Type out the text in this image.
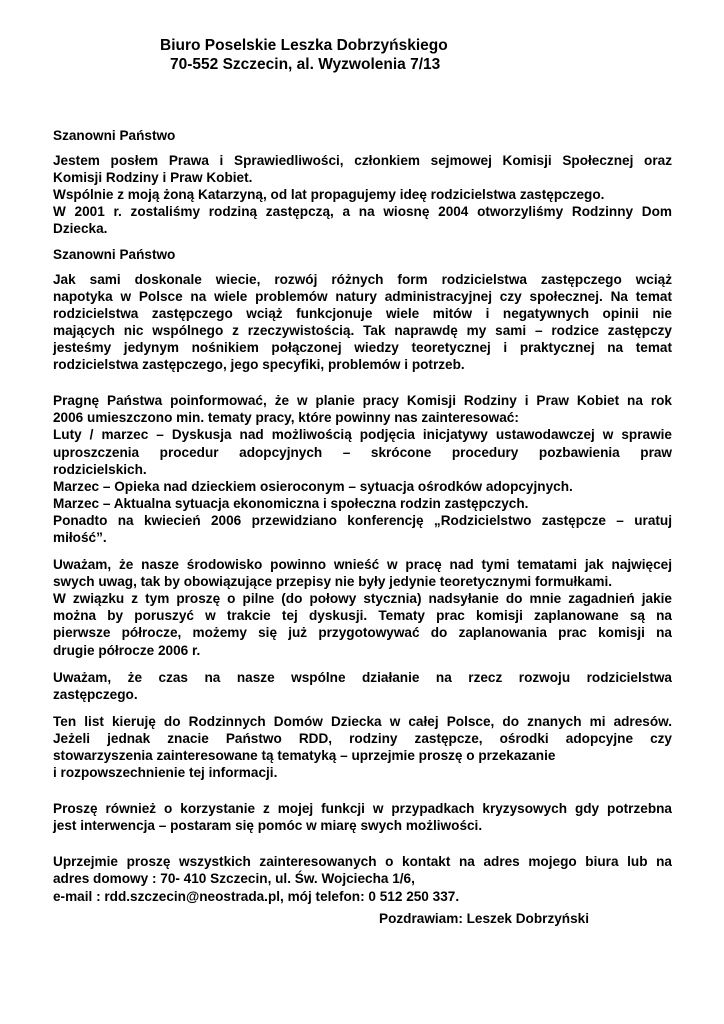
Biuro Poselskie Leszka Dobrzyńskiego
70-552 Szczecin, al. Wyzwolenia 7/13

Szanowni Państwo

Jestem posłem Prawa i Sprawiedliwości, członkiem sejmowej Komisji Społecznej oraz
Komisji Rodziny i Praw Kobiet.
Wspólnie z moją żoną Katarzyną, od lat propagujemy ideę rodzicielstwa zastępczego.
W 2001 r. zostaliśmy rodziną zastępczą, a na wiosnę 2004 otworzyliśmy Rodzinny Dom
Dziecka.

Szanowni Państwo

Jak sami doskonale wiecie, rozwój różnych form rodzicielstwa zastępczego wciąż
napotyka w Polsce na wiele problemów natury administracyjnej czy społecznej. Na temat
rodzicielstwa zastępczego wciąż funkcjonuje wiele mitów i negatywnych opinii nie
mających nic wspólnego z rzeczywistością. Tak naprawdę my sami – rodzice zastępczy
jesteśmy jedynym nośnikiem połączonej wiedzy teoretycznej i praktycznej na temat
rodzicielstwa zastępczego, jego specyfiki, problemów i potrzeb.

Pragnę Państwa poinformować, że w planie pracy Komisji Rodziny i Praw Kobiet na rok
2006 umieszczono min. tematy pracy, które powinny nas zainteresować:
Luty / marzec – Dyskusja nad możliwością podjęcia inicjatywy ustawodawczej w sprawie
uproszczenia procedur adopcyjnych – skrócone procedury pozbawienia praw
rodzicielskich.
Marzec – Opieka nad dzieckiem osieroconym – sytuacja ośrodków adopcyjnych.
Marzec – Aktualna sytuacja ekonomiczna i społeczna rodzin zastępczych.
Ponadto na kwiecień 2006 przewidziano konferencję „Rodzicielstwo zastępcze – uratuj
miłość”.

Uważam, że nasze środowisko powinno wnieść w pracę nad tymi tematami jak najwięcej
swych uwag, tak by obowiązujące przepisy nie były jedynie teoretycznymi formułkami.
W związku z tym proszę o pilne (do połowy stycznia) nadsyłanie do mnie zagadnień jakie
można by poruszyć w trakcie tej dyskusji. Tematy prac komisji zaplanowane są na
pierwsze półrocze, możemy się już przygotowywać do zaplanowania prac komisji na
drugie półrocze 2006 r.

Uważam, że czas na nasze wspólne działanie na rzecz rozwoju rodzicielstwa
zastępczego.

Ten list kieruję do Rodzinnych Domów Dziecka w całej Polsce, do znanych mi adresów.
Jeżeli jednak znacie Państwo RDD, rodziny zastępcze, ośrodki adopcyjne czy
stowarzyszenia zainteresowane tą tematyką – uprzejmie proszę o przekazanie
i rozpowszechnienie tej informacji.

Proszę również o korzystanie z mojej funkcji w przypadkach kryzysowych gdy potrzebna
jest interwencja – postaram się pomóc w miarę swych możliwości.

Uprzejmie proszę wszystkich zainteresowanych o kontakt na adres mojego biura lub na
adres domowy : 70- 410 Szczecin, ul. Św. Wojciecha 1/6,
e-mail : rdd.szczecin@neostrada.pl, mój telefon: 0 512 250 337.

Pozdrawiam: Leszek Dobrzyński
